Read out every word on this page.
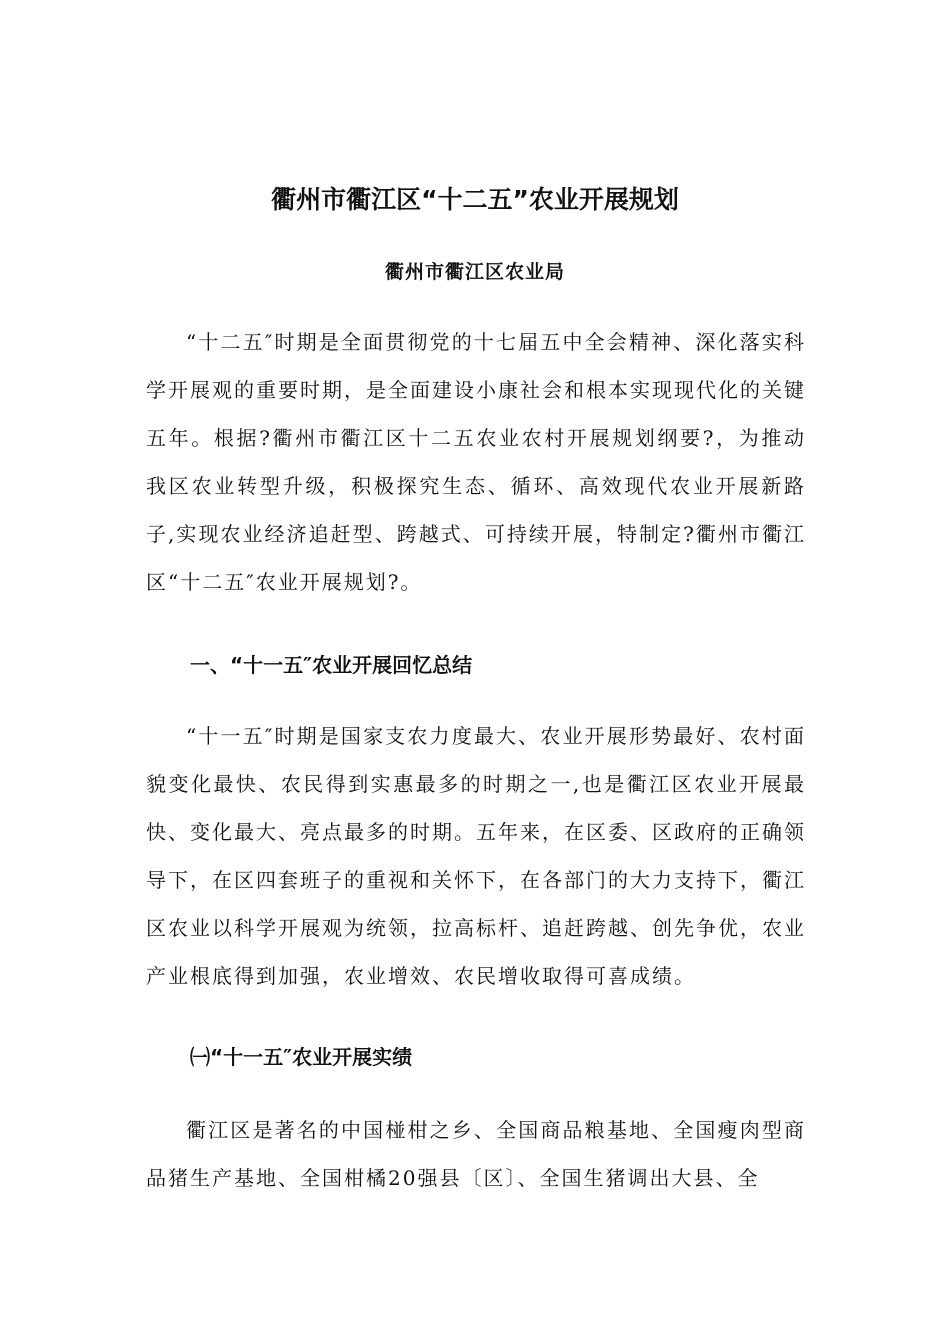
衢州市衢江区“十二五”农业开展规划
衢州市衢江区农业局

“十二五″时期是全面贯彻党的十七届五中全会精神、深化落实科学开展观的重要时期，是全面建设小康社会和根本实现现代化的关键五年。根据?衢州市衢江区十二五农业农村开展规划纲要?，为推动我区农业转型升级，积极探究生态、循环、高效现代农业开展新路子,实现农业经济追赶型、跨越式、可持续开展，特制定?衢州市衢江区“十二五″农业开展规划?。

一、“十一五″农业开展回忆总结

“十一五″时期是国家支农力度最大、农业开展形势最好、农村面貌变化最快、农民得到实惠最多的时期之一,也是衢江区农业开展最快、变化最大、亮点最多的时期。五年来，在区委、区政府的正确领导下，在区四套班子的重视和关怀下，在各部门的大力支持下，衢江区农业以科学开展观为统领，拉高标杆、追赶跨越、创先争优，农业产业根底得到加强，农业增效、农民增收取得可喜成绩。

㈠“十一五″农业开展实绩

衢江区是著名的中国椪柑之乡、全国商品粮基地、全国瘦肉型商品猪生产基地、全国柑橘20强县〔区〕、全国生猪调出大县、全
